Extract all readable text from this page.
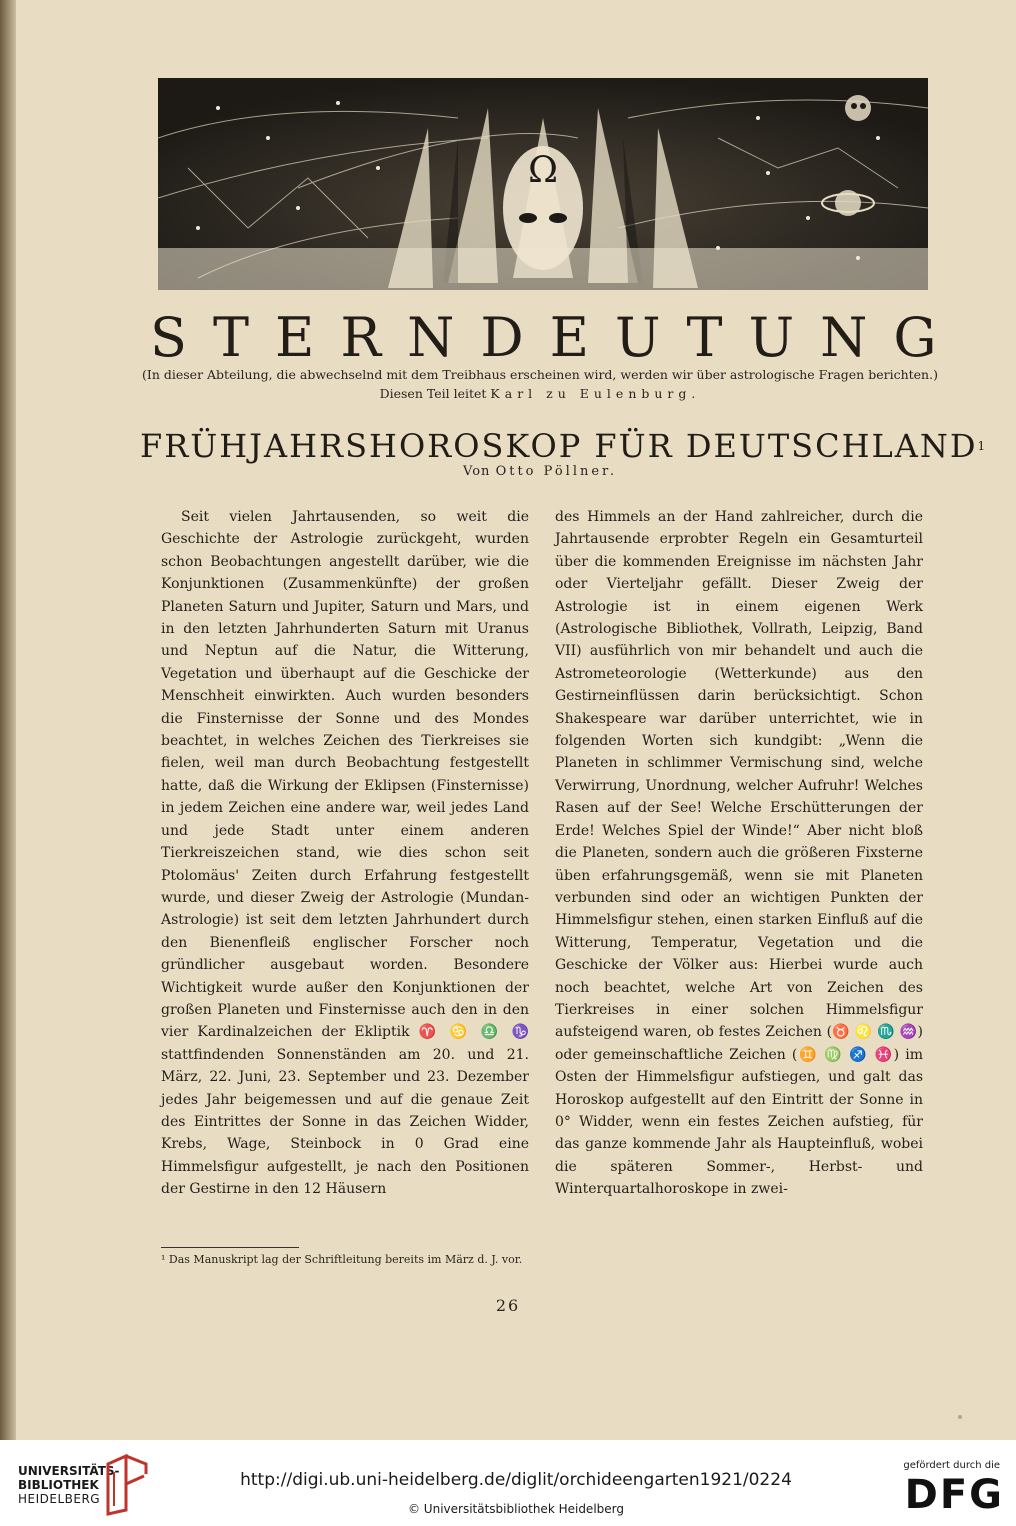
Ω
STERNDEUTUNG
(In dieser Abteilung, die abwechselnd mit dem Treibhaus erscheinen wird, werden wir über astrologische Fragen berichten.)
Diesen Teil leitet Karl zu Eulenburg.
FRÜHJAHRSHOROSKOP FÜR DEUTSCHLAND$^1$
Von Otto Pöllner.

Seit vielen Jahrtausenden, so weit die Geschichte der Astrologie zurückgeht, wurden schon Beobachtungen angestellt darüber, wie die Konjunktionen (Zusammenkünfte) der großen Planeten Saturn und Jupiter, Saturn und Mars, und in den letzten Jahrhunderten Saturn mit Uranus und Neptun auf die Natur, die Witterung, Vegetation und überhaupt auf die Geschicke der Menschheit einwirkten. Auch wurden besonders die Finsternisse der Sonne und des Mondes beachtet, in welches Zeichen des Tierkreises sie fielen, weil man durch Beobachtung festgestellt hatte, daß die Wirkung der Eklipsen (Finsternisse) in jedem Zeichen eine andere war, weil jedes Land und jede Stadt unter einem anderen Tierkreiszeichen stand, wie dies schon seit Ptolomäus' Zeiten durch Erfahrung festgestellt wurde, und dieser Zweig der Astrologie (Mundan-Astrologie) ist seit dem letzten Jahrhundert durch den Bienenfleiß englischer Forscher noch gründlicher ausgebaut worden. Besondere Wichtigkeit wurde außer den Konjunktionen der großen Planeten und Finsternisse auch den in den vier Kardinalzeichen der Ekliptik ♈ ♋ ♎ ♑ stattfindenden Sonnenständen am 20. und 21. März, 22. Juni, 23. September und 23. Dezember jedes Jahr beigemessen und auf die genaue Zeit des Eintrittes der Sonne in das Zeichen Widder, Krebs, Wage, Steinbock in 0 Grad eine Himmelsfigur aufgestellt, je nach den Positionen der Gestirne in den 12 Häusern

des Himmels an der Hand zahlreicher, durch die Jahrtausende erprobter Regeln ein Gesamturteil über die kommenden Ereignisse im nächsten Jahr oder Vierteljahr gefällt. Dieser Zweig der Astrologie ist in einem eigenen Werk (Astrologische Bibliothek, Vollrath, Leipzig, Band VII) ausführlich von mir behandelt und auch die Astrometeorologie (Wetterkunde) aus den Gestirneinflüssen darin berücksichtigt. Schon Shakespeare war darüber unterrichtet, wie in folgenden Worten sich kundgibt: „Wenn die Planeten in schlimmer Vermischung sind, welche Verwirrung, Unordnung, welcher Aufruhr! Welches Rasen auf der See! Welche Erschütterungen der Erde! Welches Spiel der Winde!“ Aber nicht bloß die Planeten, sondern auch die größeren Fixsterne üben erfahrungsgemäß, wenn sie mit Planeten verbunden sind oder an wichtigen Punkten der Himmelsfigur stehen, einen starken Einfluß auf die Witterung, Temperatur, Vegetation und die Geschicke der Völker aus: Hierbei wurde auch noch beachtet, welche Art von Zeichen des Tierkreises in einer solchen Himmelsfigur aufsteigend waren, ob festes Zeichen (♉ ♌ ♏ ♒) oder gemeinschaftliche Zeichen (♊ ♍ ♐ ♓) im Osten der Himmelsfigur aufstiegen, und galt das Horoskop aufgestellt auf den Eintritt der Sonne in 0° Widder, wenn ein festes Zeichen aufstieg, für das ganze kommende Jahr als Haupteinfluß, wobei die späteren Sommer-, Herbst- und Winterquartalhoroskope in zwei-

¹ Das Manuskript lag der Schriftleitung bereits im März d. J. vor.
26
UNIVERSITÄTS-
BIBLIOTHEK
HEIDELBERG
http://digi.ub.uni-heidelberg.de/diglit/orchideengarten1921/0224
© Universitätsbibliothek Heidelberg
gefördert durch die
DFG
